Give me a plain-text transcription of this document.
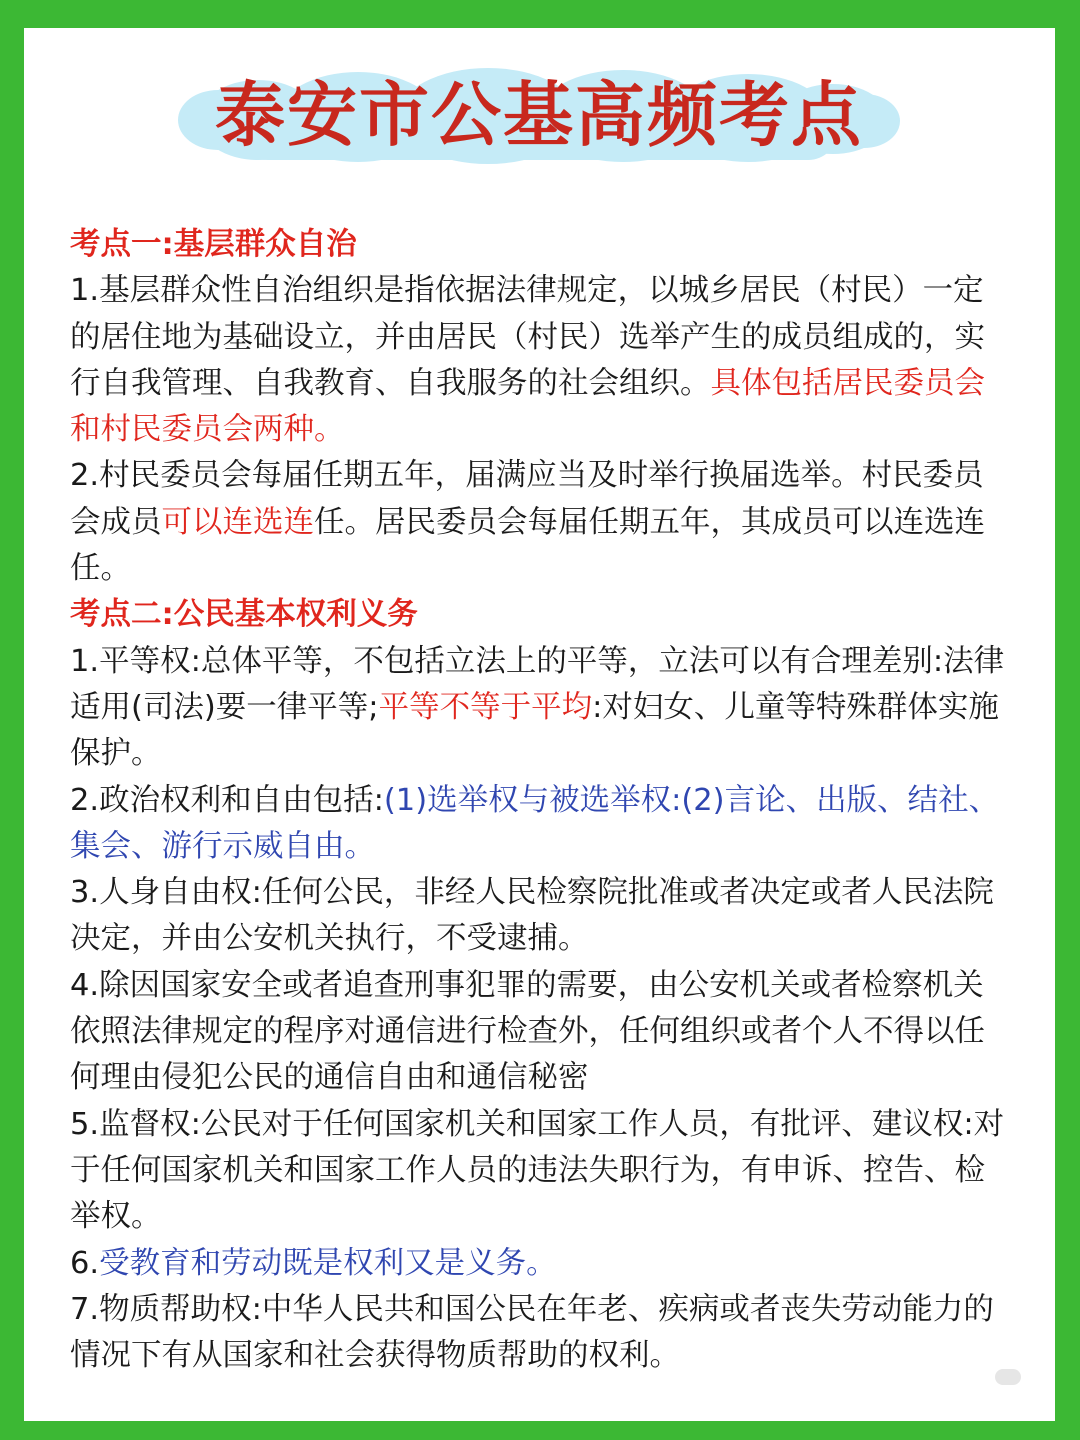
泰安市公基高频考点

考点一:基层群众自治

1.基层群众性自治组织是指依据法律规定，以城乡居民（村民）一定的居住地为基础设立，并由居民（村民）选举产生的成员组成的，实行自我管理、自我教育、自我服务的社会组织。具体包括居民委员会和村民委员会两种。

2.村民委员会每届任期五年，届满应当及时举行换届选举。村民委员会成员可以连选连任。居民委员会每届任期五年，其成员可以连选连任。

考点二:公民基本权利义务

1.平等权:总体平等，不包括立法上的平等，立法可以有合理差别:法律适用(司法)要一律平等;平等不等于平均:对妇女、儿童等特殊群体实施保护。

2.政治权利和自由包括:(1)选举权与被选举权:(2)言论、出版、结社、集会、游行示威自由。

3.人身自由权:任何公民，非经人民检察院批准或者决定或者人民法院决定，并由公安机关执行，不受逮捕。

4.除因国家安全或者追查刑事犯罪的需要，由公安机关或者检察机关依照法律规定的程序对通信进行检查外，任何组织或者个人不得以任何理由侵犯公民的通信自由和通信秘密

5.监督权:公民对于任何国家机关和国家工作人员，有批评、建议权:对于任何国家机关和国家工作人员的违法失职行为，有申诉、控告、检举权。

6.受教育和劳动既是权利又是义务。

7.物质帮助权:中华人民共和国公民在年老、疾病或者丧失劳动能力的情况下有从国家和社会获得物质帮助的权利。
